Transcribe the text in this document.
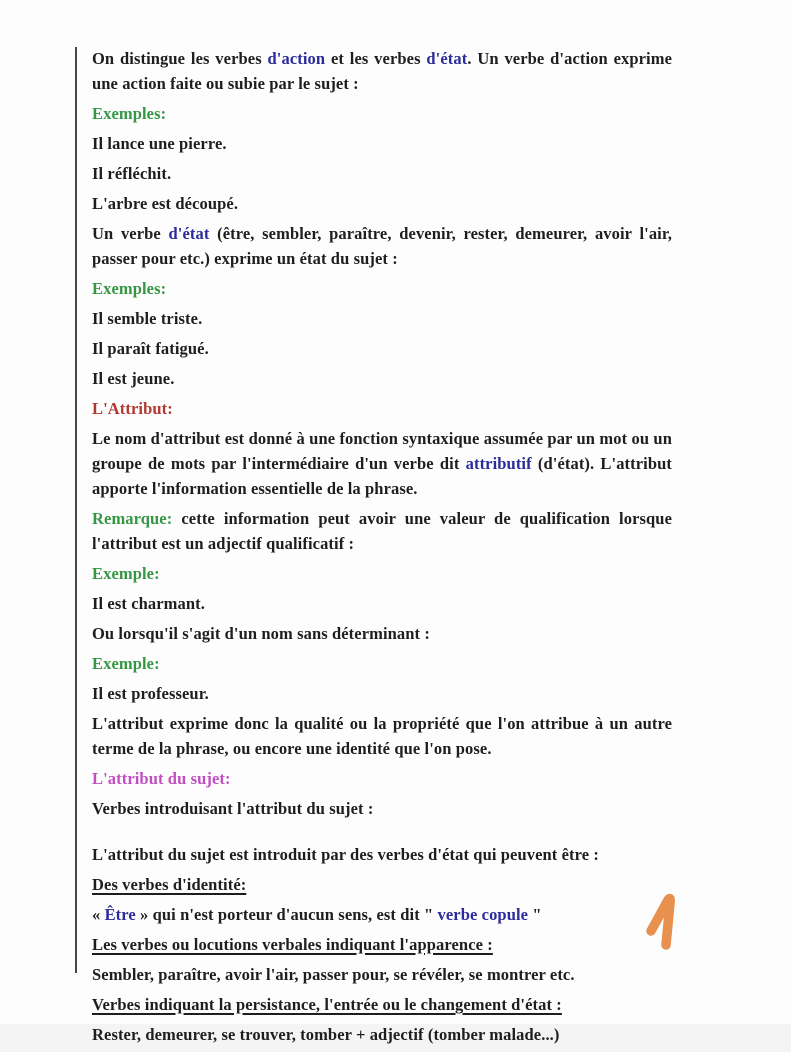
On distingue les verbes d'action et les verbes d'état. Un verbe d'action exprime une action faite ou subie par le sujet :

Exemples:

Il lance une pierre.

Il réfléchit.

L'arbre est découpé.

Un verbe d'état (être, sembler, paraître, devenir, rester, demeurer, avoir l'air, passer pour etc.) exprime un état du sujet :

Exemples:

Il semble triste.

Il paraît fatigué.

Il est jeune.

L'Attribut:

Le nom d'attribut est donné à une fonction syntaxique assumée par un mot ou un groupe de mots par l'intermédiaire d'un verbe dit attributif (d'état). L'attribut apporte l'information essentielle de la phrase.

Remarque: cette information peut avoir une valeur de qualification lorsque l'attribut est un adjectif qualificatif :

Exemple:

Il est charmant.

Ou lorsqu'il s'agit d'un nom sans déterminant :

Exemple:

Il est professeur.

L'attribut exprime donc la qualité ou la propriété que l'on attribue à un autre terme de la phrase, ou encore une identité que l'on pose.

L'attribut du sujet:

Verbes introduisant l'attribut du sujet :

L'attribut du sujet est introduit par des verbes d'état qui peuvent être :

Des verbes d'identité:

« Être » qui n'est porteur d'aucun sens, est dit " verbe copule "

Les verbes ou locutions verbales indiquant l'apparence :

Sembler, paraître, avoir l'air, passer pour, se révéler, se montrer etc.

Verbes indiquant la persistance, l'entrée ou le changement d'état :

Rester, demeurer, se trouver, tomber + adjectif (tomber malade...)
